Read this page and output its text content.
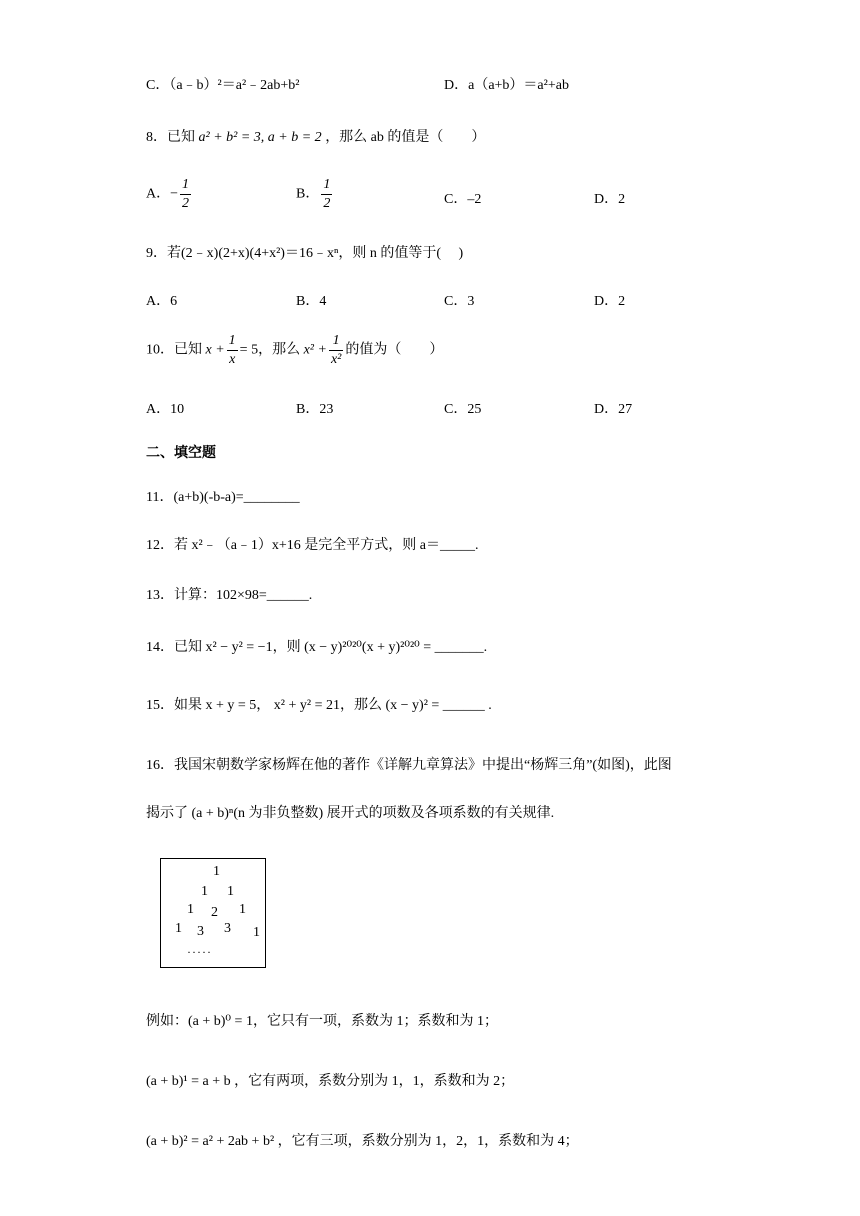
C．（a﹣b）²＝a²﹣2ab+b²	D．a（a+b）＝a²+ab
8．已知 a² + b² = 3, a + b = 2 ，那么 ab 的值是（　　）
A．− $\frac{1}{2}$	B． $\frac{1}{2}$	C．–2	D．2
9．若(2﹣x)(2+x)(4+x²)＝16﹣xⁿ，则 n 的值等于(　 )
A．6	B．4	C．3	D．2
10．已知 $x + \frac{1}{x} = 5$，那么 $x^2 + \frac{1}{\text{x²}}$ 的值为（　　）
A．10	B．23	C．25	D．27
二、填空题
11．(a+b)(-b-a)=________
12．若 x²﹣（a﹣1）x+16 是完全平方式，则 a＝_____.
13．计算：102×98=______.
14．已知 x² − y² = −1，则 (x − y)²⁰²⁰(x + y)²⁰²⁰ = _______.
15．如果 x + y = 5， x² + y² = 21，那么 (x − y)² = ______ .
16．我国宋朝数学家杨辉在他的著作《详解九章算法》中提出“杨辉三角”(如图)，此图
揭示了 (a + b)ⁿ(n 为非负整数) 展开式的项数及各项系数的有关规律.
1
1 1
1 2 1
1 3 3 1
·····
例如：(a + b)⁰ = 1，它只有一项，系数为 1；系数和为 1；
(a + b)¹ = a + b ，它有两项，系数分别为 1，1，系数和为 2；
(a + b)² = a² + 2ab + b² ，它有三项，系数分别为 1，2，1，系数和为 4；
